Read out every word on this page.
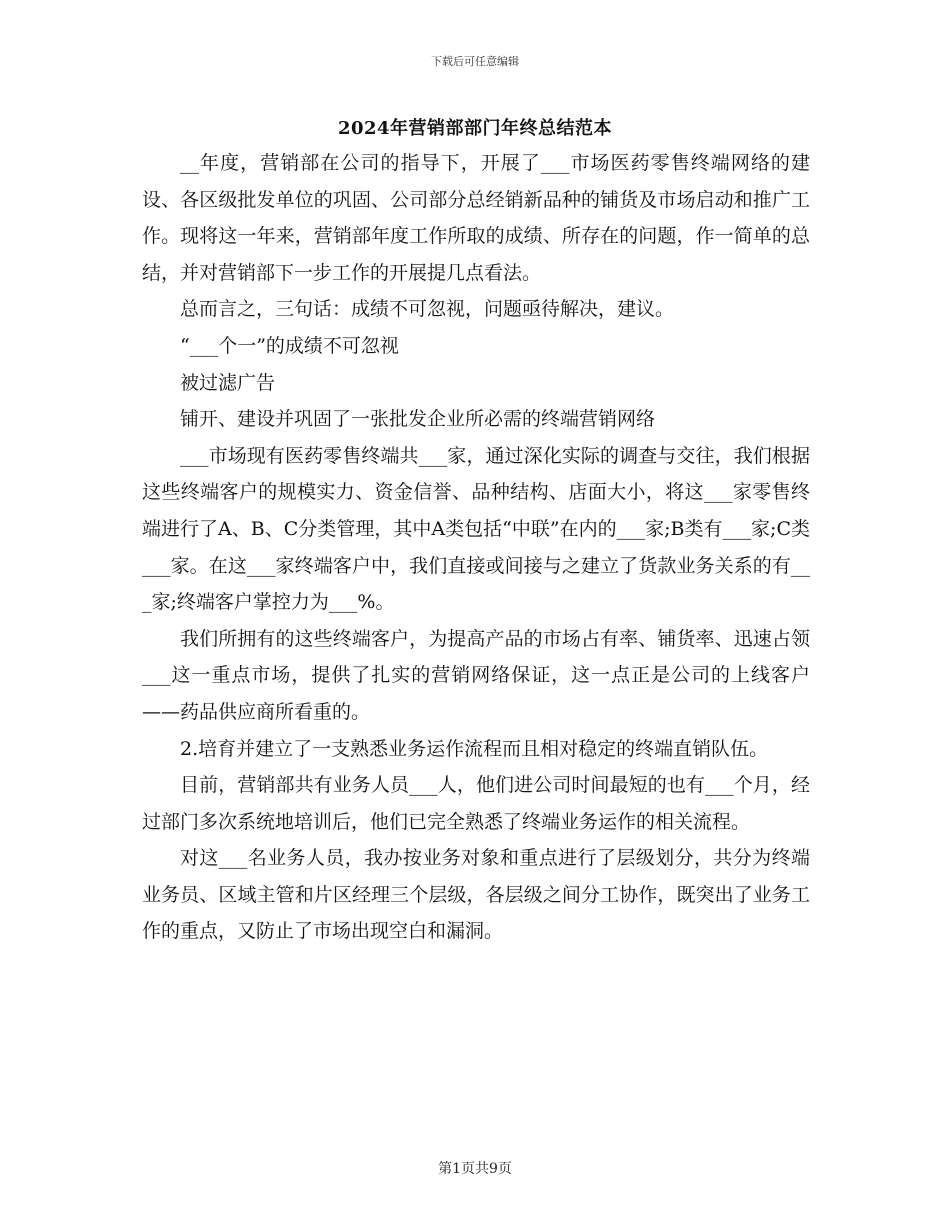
下载后可任意编辑
2024年营销部部门年终总结范本

__年度，营销部在公司的指导下，开展了___市场医药零售终端网络的建设、各区级批发单位的巩固、公司部分总经销新品种的铺货及市场启动和推广工作。现将这一年来，营销部年度工作所取的成绩、所存在的问题，作一简单的总结，并对营销部下一步工作的开展提几点看法。

总而言之，三句话：成绩不可忽视，问题亟待解决，建议。

“___个一”的成绩不可忽视

被过滤广告

铺开、建设并巩固了一张批发企业所必需的终端营销网络

___市场现有医药零售终端共___家，通过深化实际的调查与交往，我们根据这些终端客户的规模实力、资金信誉、品种结构、店面大小，将这___家零售终端进行了A、B、C分类管理，其中A类包括“中联”在内的___家;B类有___家;C类___家。在这___家终端客户中，我们直接或间接与之建立了货款业务关系的有___家;终端客户掌控力为___%。

我们所拥有的这些终端客户，为提高产品的市场占有率、铺货率、迅速占领___这一重点市场，提供了扎实的营销网络保证，这一点正是公司的上线客户——药品供应商所看重的。

2.培育并建立了一支熟悉业务运作流程而且相对稳定的终端直销队伍。

目前，营销部共有业务人员___人，他们进公司时间最短的也有___个月，经过部门多次系统地培训后，他们已完全熟悉了终端业务运作的相关流程。

对这___名业务人员，我办按业务对象和重点进行了层级划分，共分为终端业务员、区域主管和片区经理三个层级，各层级之间分工协作，既突出了业务工作的重点，又防止了市场出现空白和漏洞。

第1页共9页
